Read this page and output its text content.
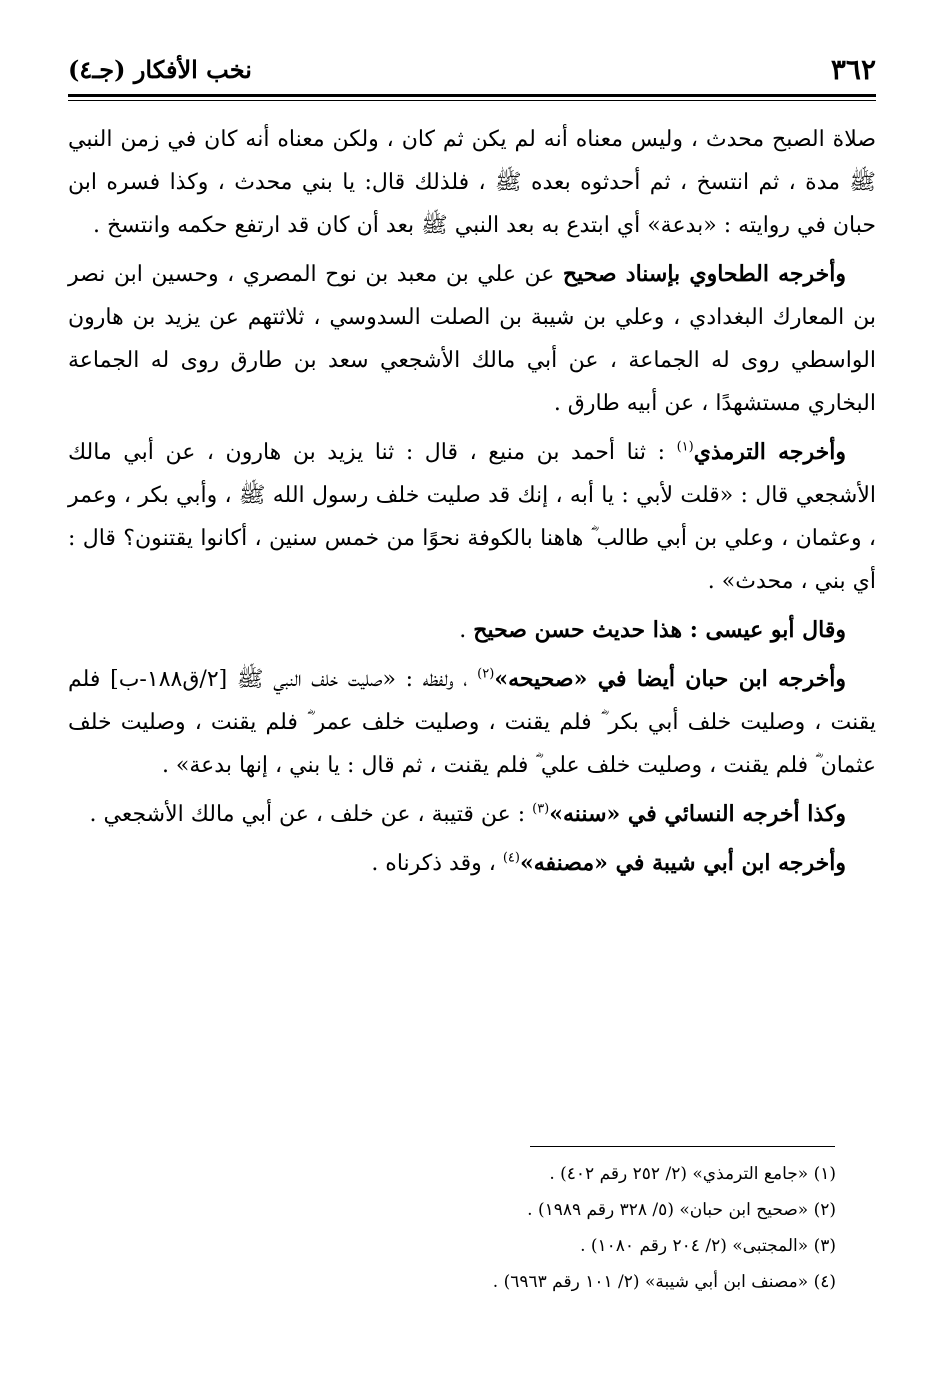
٣٦٢
نخب الأفكار (جـ٤)

صلاة الصبح محدث ، وليس معناه أنه لم يكن ثم كان ، ولكن معناه أنه كان في زمن النبي ﷺ مدة ، ثم انتسخ ، ثم أحدثوه بعده ﷺ ، فلذلك قال: يا بني محدث ، وكذا فسره ابن حبان في روايته : «بدعة» أي ابتدع به بعد النبي ﷺ بعد أن كان قد ارتفع حكمه وانتسخ .

وأخرجه الطحاوي بإسناد صحيح عن علي بن معبد بن نوح المصري ، وحسين ابن نصر بن المعارك البغدادي ، وعلي بن شيبة بن الصلت السدوسي ، ثلاثتهم عن يزيد بن هارون الواسطي روى له الجماعة ، عن أبي مالك الأشجعي سعد بن طارق روى له الجماعة البخاري مستشهدًا ، عن أبيه طارق .

وأخرجه الترمذي$^{(١)}$ : ثنا أحمد بن منيع ، قال : ثنا يزيد بن هارون ، عن أبي مالك الأشجعي قال : «قلت لأبي : يا أبه ، إنك قد صليت خلف رسول الله ﷺ ، وأبي بكر ، وعمر ، وعثمان ، وعلي بن أبي طالب ؓ هاهنا بالكوفة نحوًا من خمس سنين ، أكانوا يقتنون؟ قال : أي بني ، محدث» .

وقال أبو عيسى : هذا حديث حسن صحيح .

وأخرجه ابن حبان أيضا في «صحيحه»$^{(٢)}$ ، ولفظه : «صليت خلف النبي ﷺ [٢/ق١٨٨-ب] فلم يقنت ، وصليت خلف أبي بكر ؓ فلم يقنت ، وصليت خلف عمر ؓ فلم يقنت ، وصليت خلف عثمان ؓ فلم يقنت ، وصليت خلف علي ؓ فلم يقنت ، ثم قال : يا بني ، إنها بدعة» .

وكذا أخرجه النسائي في «سننه»$^{(٣)}$ : عن قتيبة ، عن خلف ، عن أبي مالك الأشجعي .

وأخرجه ابن أبي شيبة في «مصنفه»$^{(٤)}$ ، وقد ذكرناه .

(١) «جامع الترمذي» (٢/ ٢٥٢ رقم ٤٠٢) .

(٢) «صحيح ابن حبان» (٥/ ٣٢٨ رقم ١٩٨٩) .

(٣) «المجتبى» (٢/ ٢٠٤ رقم ١٠٨٠) .

(٤) «مصنف ابن أبي شيبة» (٢/ ١٠١ رقم ٦٩٦٣) .
